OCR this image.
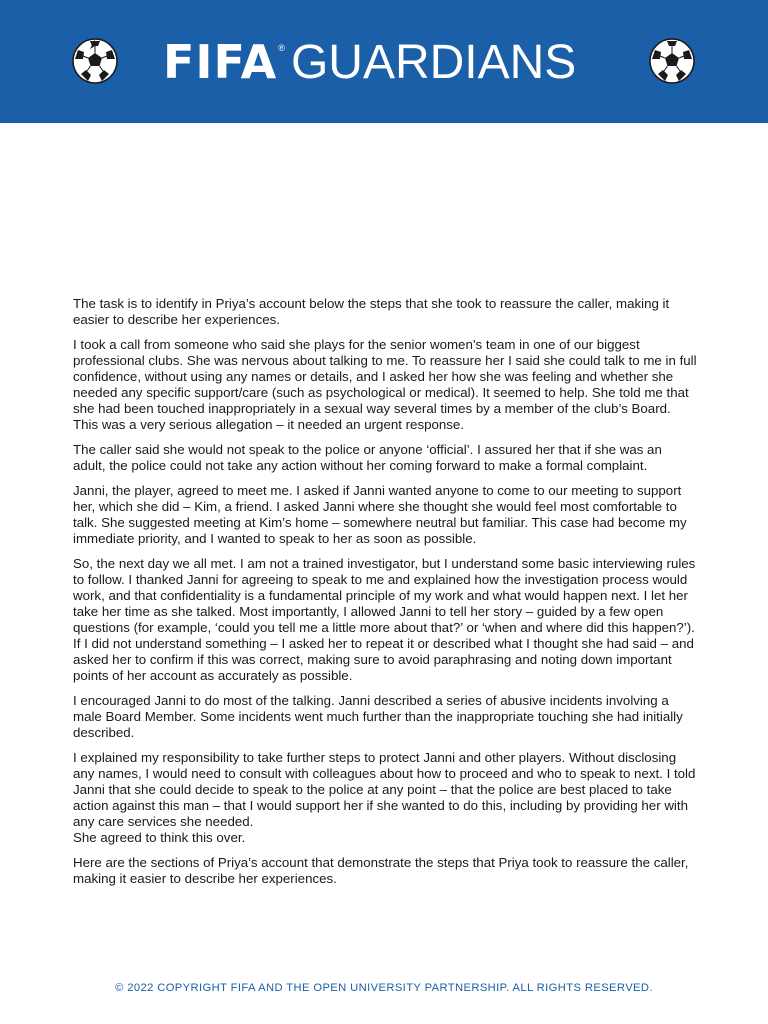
FIFA® GUARDIANS

The task is to identify in Priya’s account below the steps that she took to reassure the caller, making it easier to describe her experiences.

I took a call from someone who said she plays for the senior women’s team in one of our biggest professional clubs. She was nervous about talking to me. To reassure her I said she could talk to me in full confidence, without using any names or details, and I asked her how she was feeling and whether she needed any specific support/care (such as psychological or medical). It seemed to help. She told me that she had been touched inappropriately in a sexual way several times by a member of the club’s Board. This was a very serious allegation – it needed an urgent response.

The caller said she would not speak to the police or anyone ‘official’. I assured her that if she was an adult, the police could not take any action without her coming forward to make a formal complaint.

Janni, the player, agreed to meet me. I asked if Janni wanted anyone to come to our meeting to support her, which she did – Kim, a friend. I asked Janni where she thought she would feel most comfortable to talk. She suggested meeting at Kim’s home – somewhere neutral but familiar. This case had become my immediate priority, and I wanted to speak to her as soon as possible.

So, the next day we all met. I am not a trained investigator, but I understand some basic interviewing rules to follow. I thanked Janni for agreeing to speak to me and explained how the investigation process would work, and that confidentiality is a fundamental principle of my work and what would happen next. I let her take her time as she talked. Most importantly, I allowed Janni to tell her story – guided by a few open questions (for example, ‘could you tell me a little more about that?’ or ‘when and where did this happen?’). If I did not understand something – I asked her to repeat it or described what I thought she had said – and asked her to confirm if this was correct, making sure to avoid paraphrasing and noting down important points of her account as accurately as possible.

I encouraged Janni to do most of the talking. Janni described a series of abusive incidents involving a male Board Member. Some incidents went much further than the inappropriate touching she had initially described.

I explained my responsibility to take further steps to protect Janni and other players. Without disclosing any names, I would need to consult with colleagues about how to proceed and who to speak to next. I told Janni that she could decide to speak to the police at any point – that the police are best placed to take action against this man – that I would support her if she wanted to do this, including by providing her with any care services she needed.

She agreed to think this over.

Here are the sections of Priya’s account that demonstrate the steps that Priya took to reassure the caller, making it easier to describe her experiences.

© 2022 COPYRIGHT FIFA AND THE OPEN UNIVERSITY PARTNERSHIP. ALL RIGHTS RESERVED.
